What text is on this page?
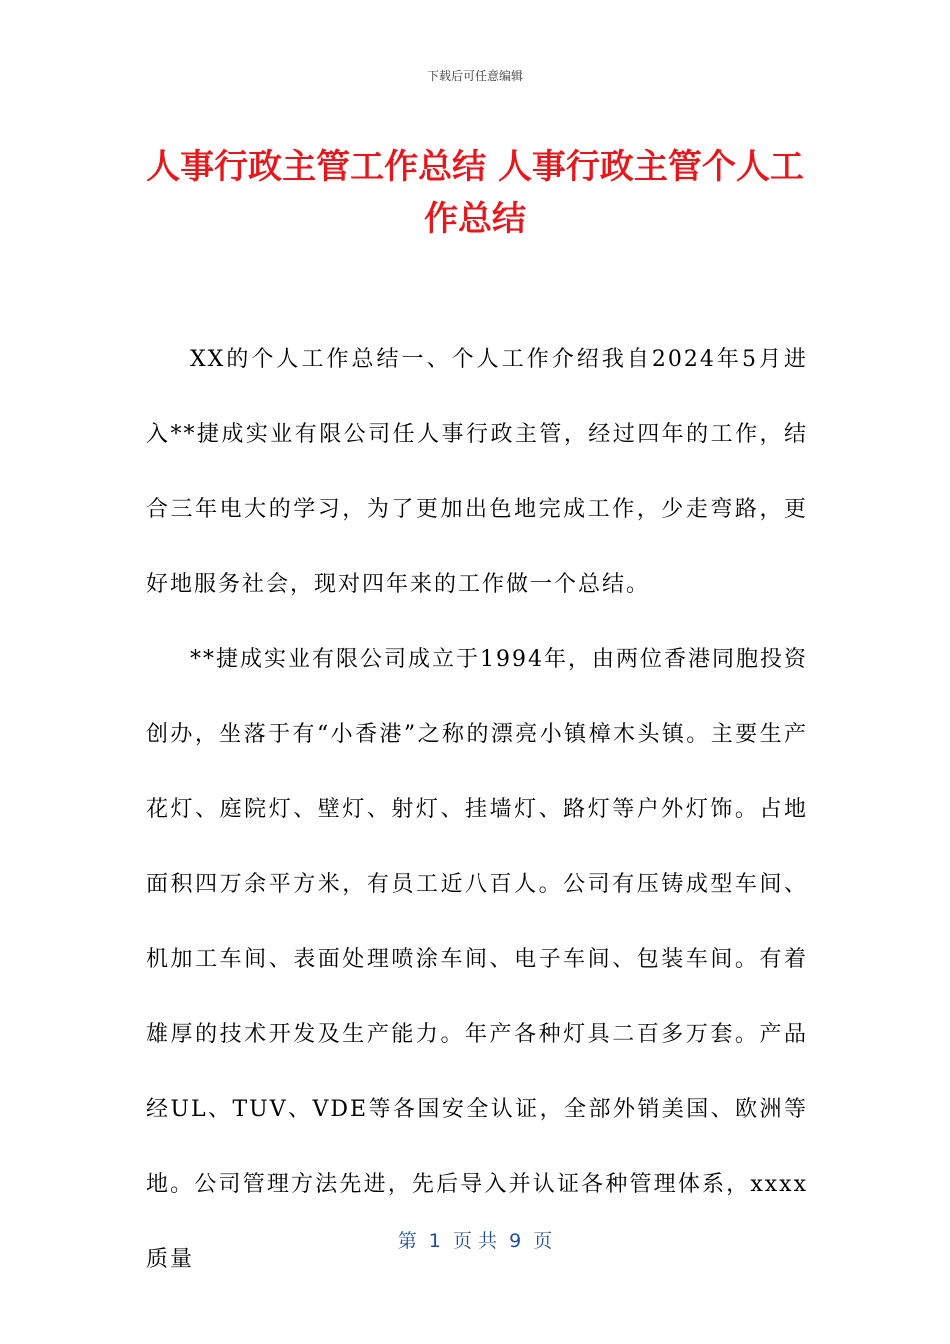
下载后可任意编辑
人事行政主管工作总结 人事行政主管个人工作总结

XX的个人工作总结一、个人工作介绍我自2024年5月进入**捷成实业有限公司任人事行政主管，经过四年的工作，结合三年电大的学习，为了更加出色地完成工作，少走弯路，更好地服务社会，现对四年来的工作做一个总结。

**捷成实业有限公司成立于1994年，由两位香港同胞投资创办，坐落于有“小香港”之称的漂亮小镇樟木头镇。主要生产花灯、庭院灯、壁灯、射灯、挂墙灯、路灯等户外灯饰。占地面积四万余平方米，有员工近八百人。公司有压铸成型车间、机加工车间、表面处理喷涂车间、电子车间、包装车间。有着雄厚的技术开发及生产能力。年产各种灯具二百多万套。产品经UL、TUV、VDE等各国安全认证，全部外销美国、欧洲等地。公司管理方法先进，先后导入并认证各种管理体系，xxxx质量

第  1  页 共  9  页
